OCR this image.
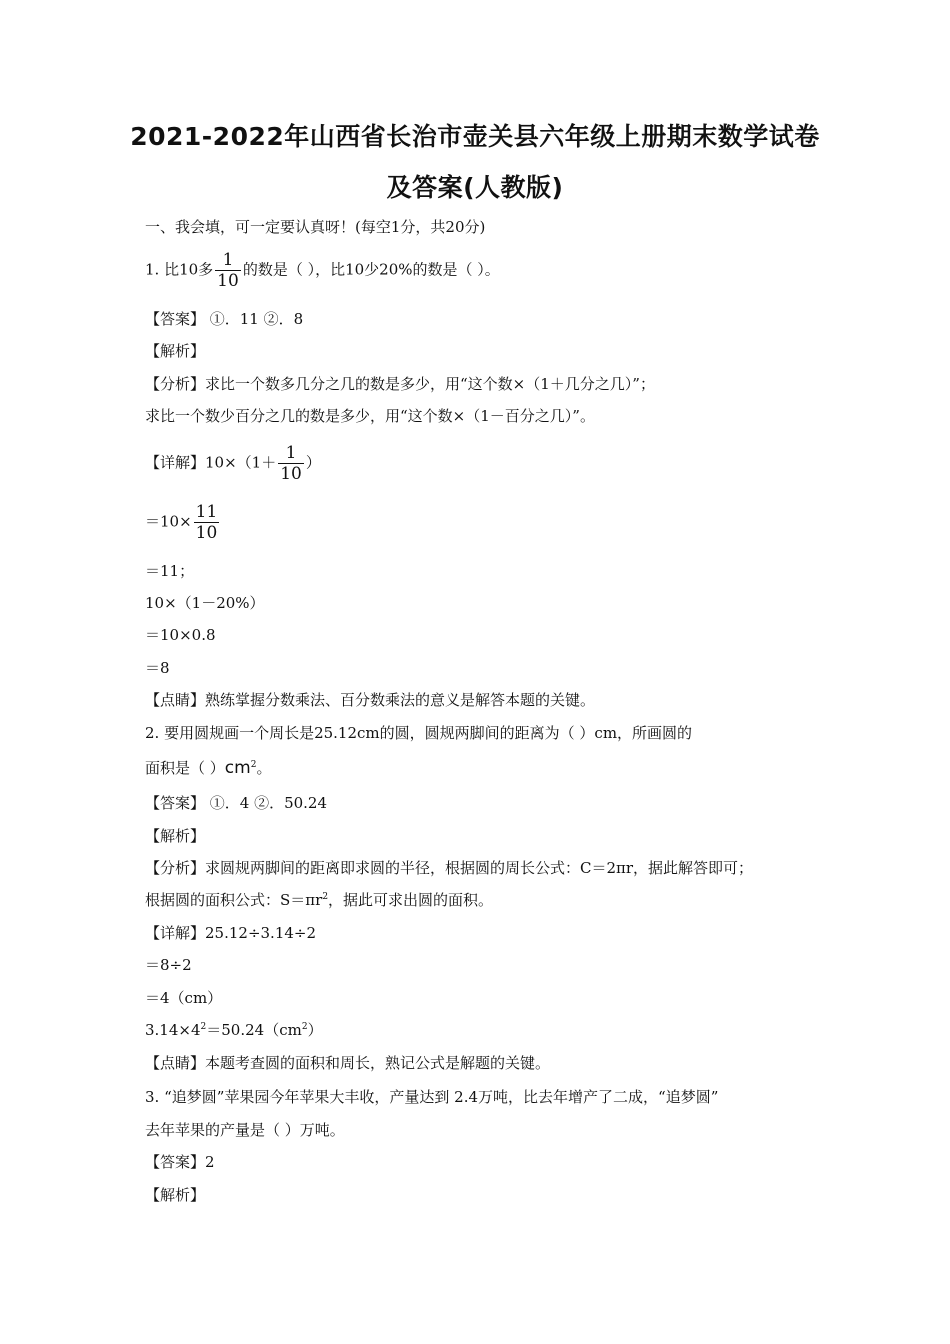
2021-2022年山西省长治市壶关县六年级上册期末数学试卷
及答案(人教版)
一、我会填，可一定要认真呀！(每空1分，共20分)
1. 比10多 $\frac{1}{10}$ 的数是（ ），比10少20%的数是（ ）。
【答案】 ①．11 ②．8
【解析】
【分析】求比一个数多几分之几的数是多少，用“这个数×（1＋几分之几）”；
求比一个数少百分之几的数是多少，用“这个数×（1－百分之几）”。
【详解】$10\times(1+ \frac{1}{10}$ ）
$=10\times \frac{11}{10}$
＝11；
10×（1－20%）
＝10×0.8
＝8
【点睛】熟练掌握分数乘法、百分数乘法的意义是解答本题的关键。
2. 要用圆规画一个周长是25.12cm的圆，圆规两脚间的距离为（ ）cm，所画圆的
面积是（ ）$cm^2$。
【答案】 ①．4 ②．50.24
【解析】
【分析】求圆规两脚间的距离即求圆的半径，根据圆的周长公式：C＝2πr，据此解答即可；
根据圆的面积公式：$S=\pi r^2$，据此可求出圆的面积。
【详解】25.12÷3.14÷2
＝8÷2
＝4（cm）
$3.14\times 4^2=50.24(cm^2)$
【点睛】本题考查圆的面积和周长，熟记公式是解题的关键。
3. “追梦圆”苹果园今年苹果大丰收，产量达到 2.4万吨，比去年增产了二成，“追梦圆”
去年苹果的产量是（ ）万吨。
【答案】2
【解析】
